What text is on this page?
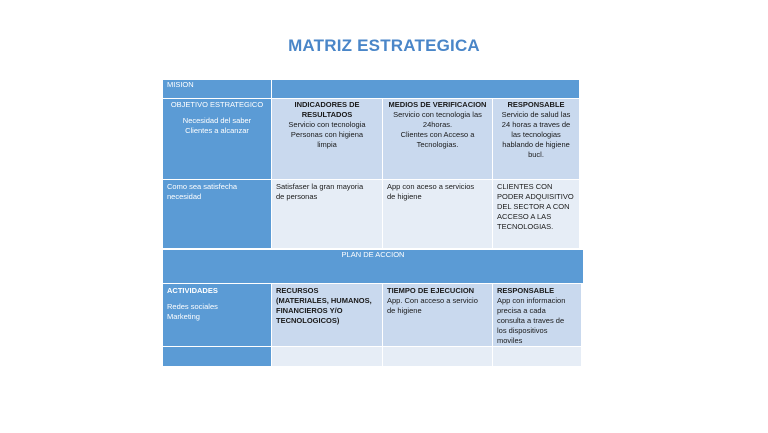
MATRIZ ESTRATEGICA
MISION
OBJETIVO ESTRATEGICO
Necesidad del saber
Clientes a alcanzar
INDICADORES DE
RESULTADOS
Servicio con tecnologia
Personas con higiena
limpia
MEDIOS DE VERIFICACION
Servicio con tecnologia las
24horas.
Clientes con Acceso a
Tecnologias.
RESPONSABLE
Servicio de salud las
24 horas a traves de
las tecnologias
hablando de higiene
bucl.
Como sea satisfecha
necesidad
Satisfaser la gran mayoria
de personas
App con aceso a servicios
de higiene
CLIENTES CON
PODER ADQUISITIVO
DEL SECTOR A CON
ACCESO A LAS
TECNOLOGIAS.
PLAN DE ACCION
ACTIVIDADES
Redes sociales
Marketing
RECURSOS
(MATERIALES, HUMANOS,
FINANCIEROS Y/O
TECNOLOGICOS)
TIEMPO DE EJECUCION
App. Con acceso a servicio
de higiene
RESPONSABLE
App con informacion
precisa a cada
consulta a traves de
los dispositivos
moviles
